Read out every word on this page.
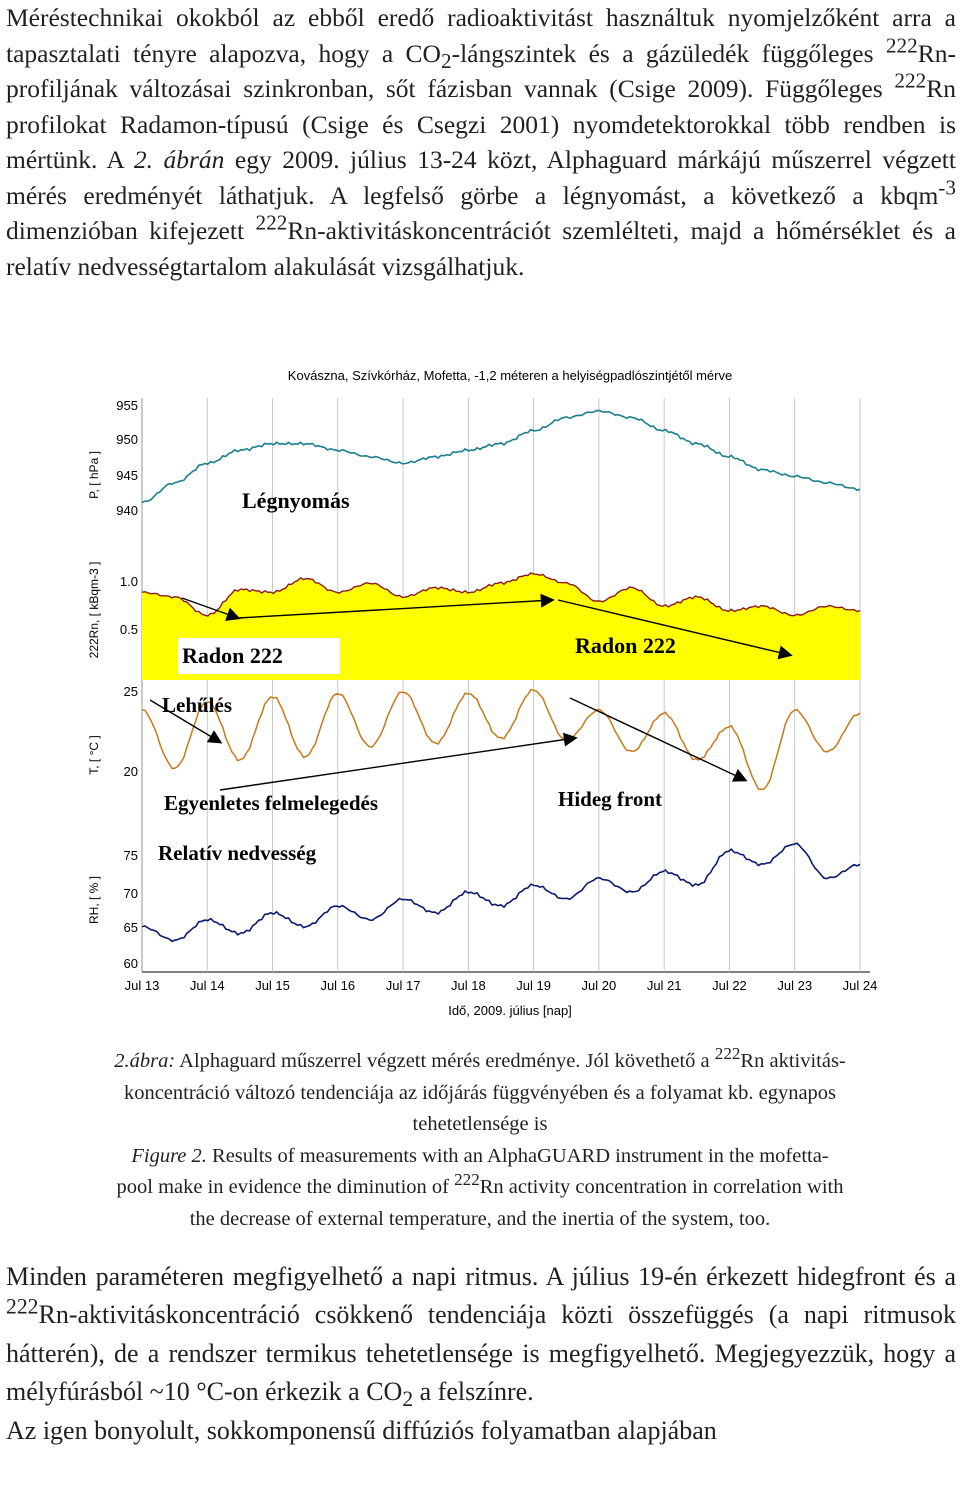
Méréstechnikai okokból az ebből eredő radioaktivitást használtuk nyomjelzőként arra a tapasztalati tényre alapozva, hogy a $CO_2$-lángszintek és a gázüledék függőleges $^{222}$Rn-profiljának változásai szinkronban, sőt fázisban vannak (Csige 2009). Függőleges $^{222}$Rn profilokat Radamon-típusú (Csige és Csegzi 2001) nyomdetektorokkal több rendben is mértünk. A 2. ábrán egy 2009. július 13-24 közt, Alphaguard márkájú műszerrel végzett mérés eredményét láthatjuk. A legfelső görbe a légnyomást, a következő a kbqm$^{-3}$ dimenzióban kifejezett $^{222}$Rn-aktivitáskoncentrációt szemlélteti, majd a hőmérséklet és a relatív nedvességtartalom alakulását vizsgálhatjuk.
Kovászna, Szívkórház, Mofetta, -1,2 méteren a helyiségpadlószintjétől mérve
P, [ hPa ]
222Rn, [ kBqm-3 ]
T, [ °C ]
RH, [ % ]
955
950
945
940
1.0
0.5
25
20
75
70
65
60
Légnyomás
Radon 222	Radon 222
Lehűlés
Egyenletes felmelegedés	Hideg front
Relatív nedvesség
Jul 13 Jul 14 Jul 15 Jul 16 Jul 17 Jul 18 Jul 19 Jul 20 Jul 21 Jul 22 Jul 23 Jul 24
Idő, 2009. július [nap]
2.ábra: Alphaguard műszerrel végzett mérés eredménye. Jól követhető a $^{222}$Rn aktivitás-
koncentráció változó tendenciája az időjárás függvényében és a folyamat kb. egynapos
tehetetlensége is
Figure 2. Results of measurements with an AlphaGUARD instrument in the mofetta-
pool make in evidence the diminution of $^{222}$Rn activity concentration in correlation with
the decrease of external temperature, and the inertia of the system, too.
Minden paraméteren megfigyelhető a napi ritmus. A július 19-én érkezett hidegfront és a $^{222}$Rn-aktivitáskoncentráció csökkenő tendenciája közti összefüggés (a napi ritmusok hátterén), de a rendszer termikus tehetetlensége is megfigyelhető. Megjegyezzük, hogy a mélyfúrásból ~10 °C-on érkezik a $CO_2$ a felszínre.
Az igen bonyolult, sokkomponensű diffúziós folyamatban alapjában
